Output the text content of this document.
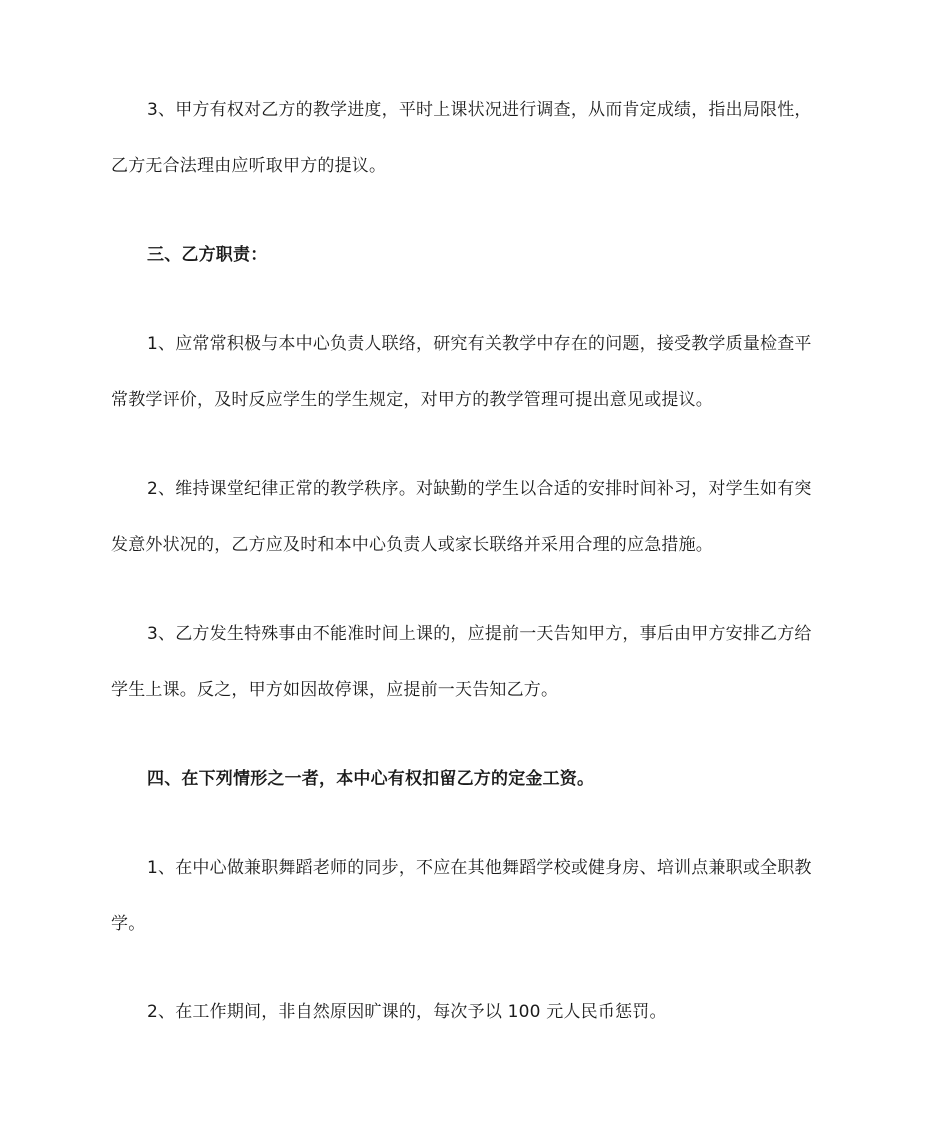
3、甲方有权对乙方的教学进度，平时上课状况进行调查，从而肯定成绩，指出局限性，
乙方无合法理由应听取甲方的提议。
三、乙方职责：
1、应常常积极与本中心负责人联络，研究有关教学中存在的问题，接受教学质量检查平
常教学评价，及时反应学生的学生规定，对甲方的教学管理可提出意见或提议。
2、维持课堂纪律正常的教学秩序。对缺勤的学生以合适的安排时间补习，对学生如有突
发意外状况的，乙方应及时和本中心负责人或家长联络并采用合理的应急措施。
3、乙方发生特殊事由不能准时间上课的，应提前一天告知甲方，事后由甲方安排乙方给
学生上课。反之，甲方如因故停课，应提前一天告知乙方。
四、在下列情形之一者，本中心有权扣留乙方的定金工资。
1、在中心做兼职舞蹈老师的同步，不应在其他舞蹈学校或健身房、培训点兼职或全职教
学。
2、在工作期间，非自然原因旷课的，每次予以 100 元人民币惩罚。
